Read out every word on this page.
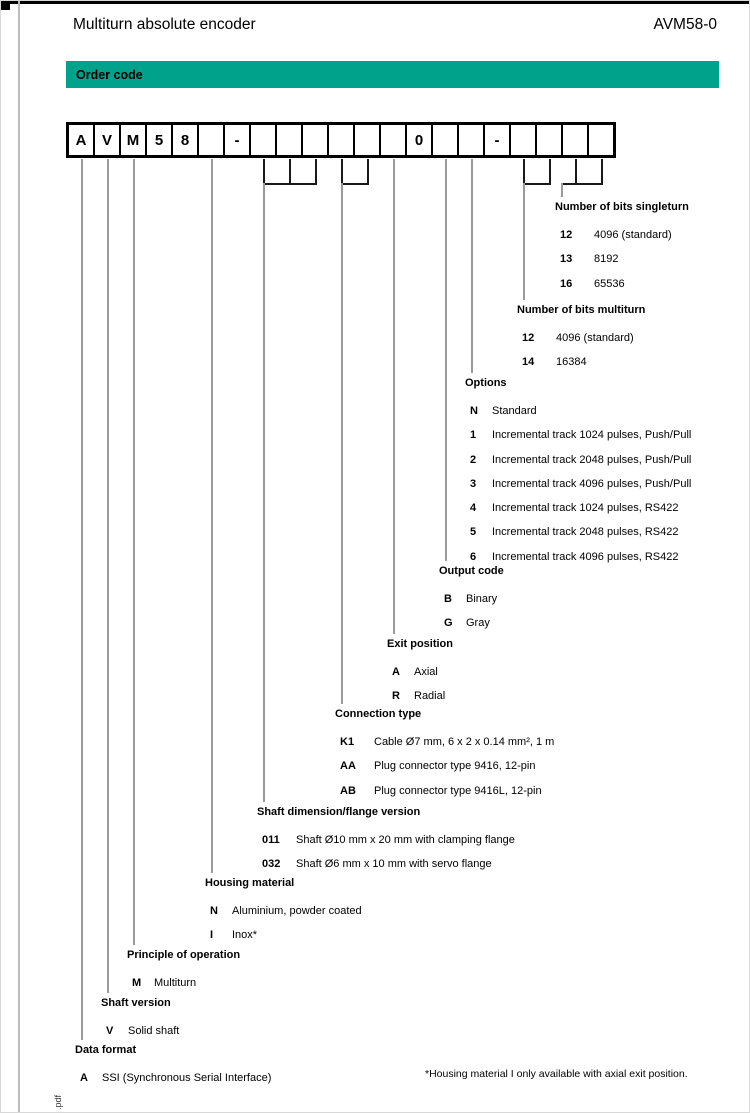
Multiturn absolute encoder	AVM58-0
Order code
A	V M	5	8	-	0	-
Number of bits singleturn
12	4096 (standard)
13	8192
16	65536
Number of bits multiturn
12	4096 (standard)
14	16384
Options
N	Standard
1	Incremental track 1024 pulses, Push/Pull
2	Incremental track 2048 pulses, Push/Pull
3	Incremental track 4096 pulses, Push/Pull
4	Incremental track 1024 pulses, RS422
5	Incremental track 2048 pulses, RS422
6	Incremental track 4096 pulses, RS422
Output code
B	Binary
G	Gray
Exit position
A	Axial
R	Radial
Connection type
K1	Cable Ø7 mm, 6 x 2 x 0.14 mm², 1 m
AA	Plug connector type 9416, 12-pin
AB	Plug connector type 9416L, 12-pin
Shaft dimension/flange version
011	Shaft Ø10 mm x 20 mm with clamping flange
032	Shaft Ø6 mm x 10 mm with servo flange
Housing material
N	Aluminium, powder coated
I	Inox*
Principle of operation
M	Multiturn
Shaft version
V	Solid shaft
Data format
A	SSI (Synchronous Serial Interface)	*Housing material I only available with axial exit position.
.pdf
